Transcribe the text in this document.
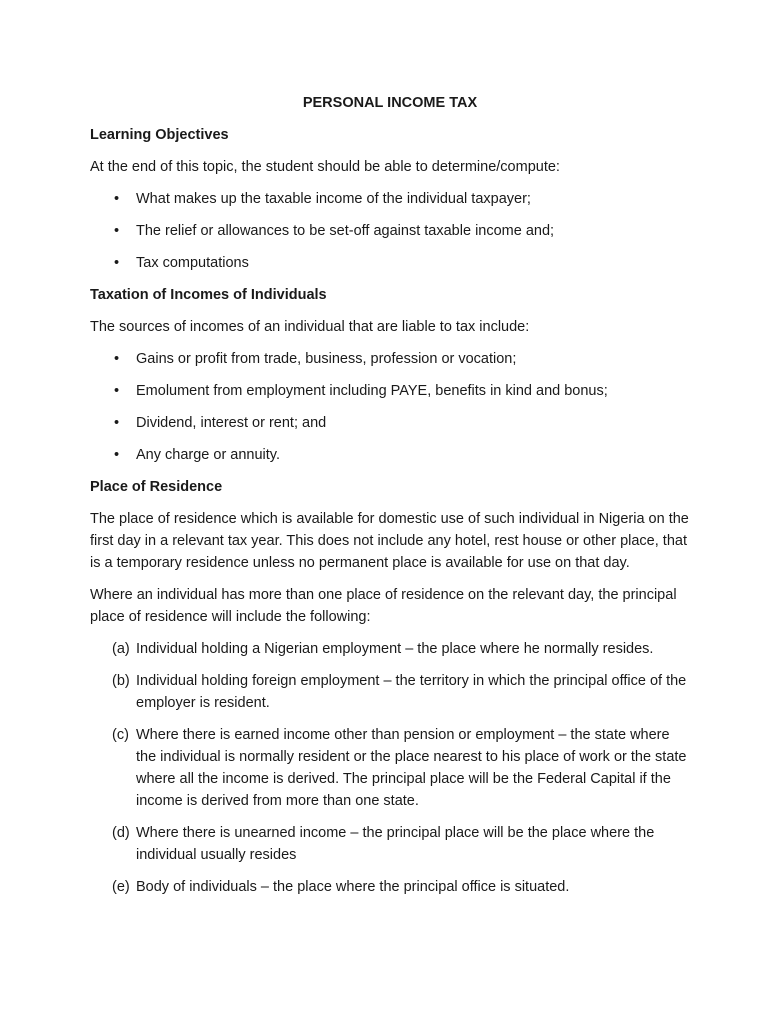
PERSONAL INCOME TAX
Learning Objectives

At the end of this topic, the student should be able to determine/compute:

• What makes up the taxable income of the individual taxpayer;
• The relief or allowances to be set-off against taxable income and;
• Tax computations
Taxation of Incomes of Individuals

The sources of incomes of an individual that are liable to tax include:

• Gains or profit from trade, business, profession or vocation;
• Emolument from employment including PAYE, benefits in kind and bonus;
• Dividend, interest or rent; and
• Any charge or annuity.
Place of Residence

The place of residence which is available for domestic use of such individual in Nigeria on the first day in a relevant tax year. This does not include any hotel, rest house or other place, that is a temporary residence unless no permanent place is available for use on that day.

Where an individual has more than one place of residence on the relevant day, the principal place of residence will include the following:

(a) Individual holding a Nigerian employment – the place where he normally resides.
(b) Individual holding foreign employment – the territory in which the principal office of the employer is resident.
(c) Where there is earned income other than pension or employment – the state where the individual is normally resident or the place nearest to his place of work or the state where all the income is derived. The principal place will be the Federal Capital if the income is derived from more than one state.
(d) Where there is unearned income – the principal place will be the place where the individual usually resides
(e) Body of individuals – the place where the principal office is situated.
